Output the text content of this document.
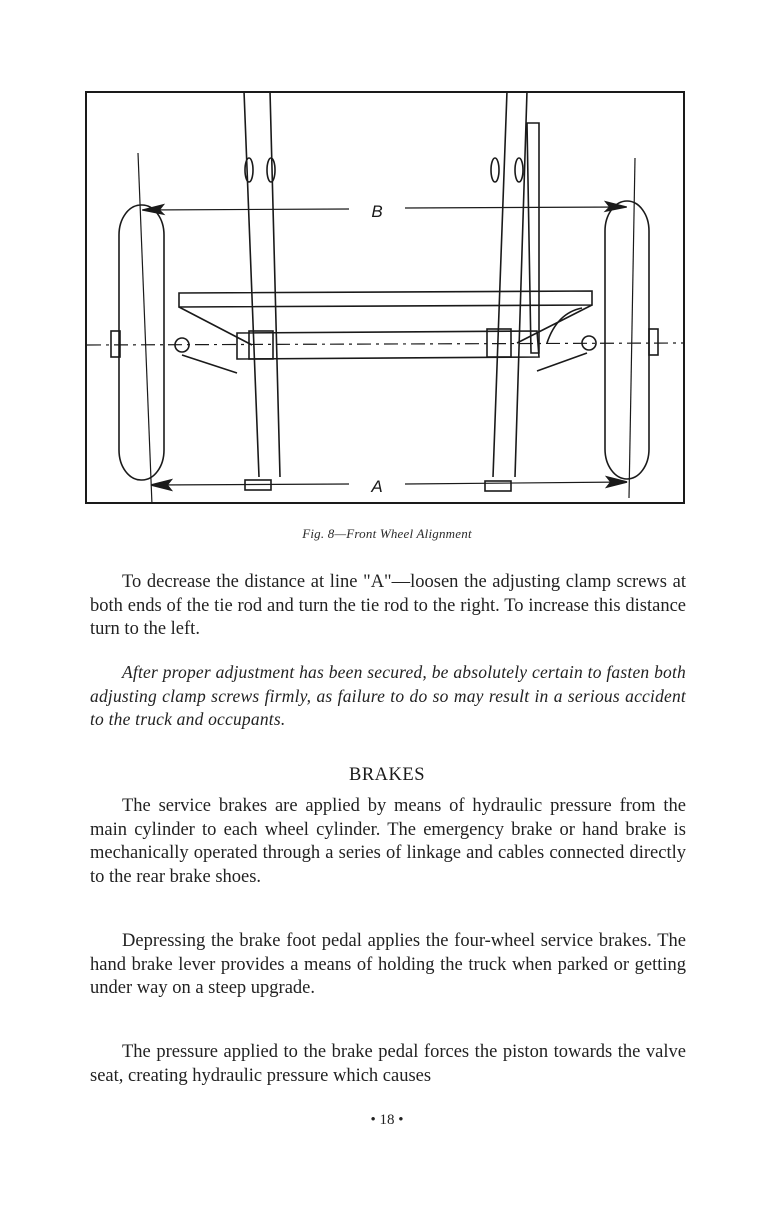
B
A
Fig. 8—Front Wheel Alignment
To decrease the distance at line "A"—loosen the adjusting clamp screws at both ends of the tie rod and turn the tie rod to the right. To increase this distance turn to the left.
After proper adjustment has been secured, be absolutely certain to fasten both adjusting clamp screws firmly, as failure to do so may result in a serious accident to the truck and occupants.
BRAKES
The service brakes are applied by means of hydraulic pressure from the main cylinder to each wheel cylinder. The emergency brake or hand brake is mechanically operated through a series of linkage and cables connected directly to the rear brake shoes.
Depressing the brake foot pedal applies the four-wheel service brakes. The hand brake lever provides a means of holding the truck when parked or getting under way on a steep upgrade.
The pressure applied to the brake pedal forces the piston towards the valve seat, creating hydraulic pressure which causes
• 18 •
